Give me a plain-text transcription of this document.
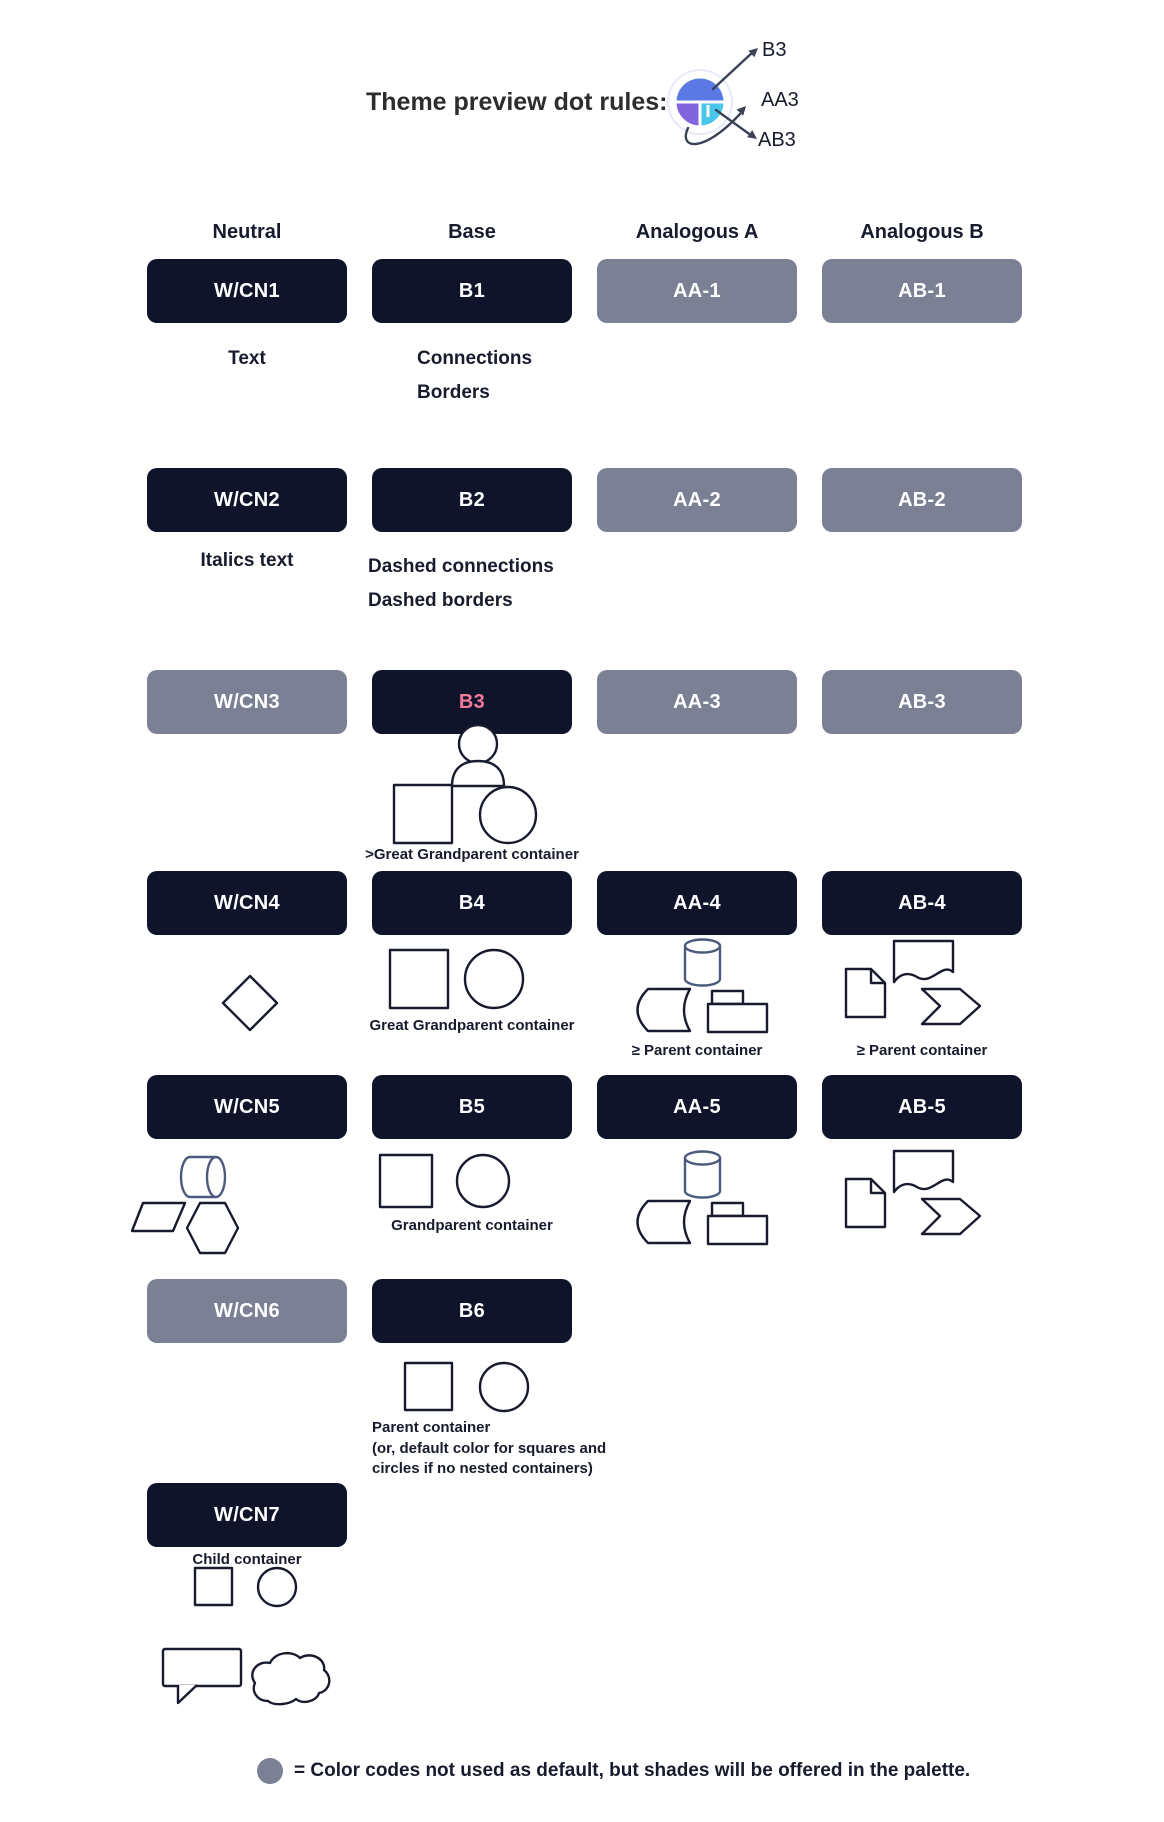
Theme preview dot rules:
B3
AA3
AB3
Neutral	Base	Analogous A	Analogous B
W/CN1	B1	AA-1	AB-1
Text	Connections
Borders
W/CN2	B2	AA-2	AB-2
Italics text	Dashed connections
Dashed borders
W/CN3	B3	AA-3	AB-3
>Great Grandparent container
W/CN4	B4	AA-4	AB-4
Great Grandparent container
≥ Parent container	≥ Parent container
W/CN5	B5	AA-5	AB-5
Grandparent container
W/CN6	B6
Parent container
(or, default color for squares and
circles if no nested containers)
W/CN7
Child container
= Color codes not used as default, but shades will be offered in the palette.
